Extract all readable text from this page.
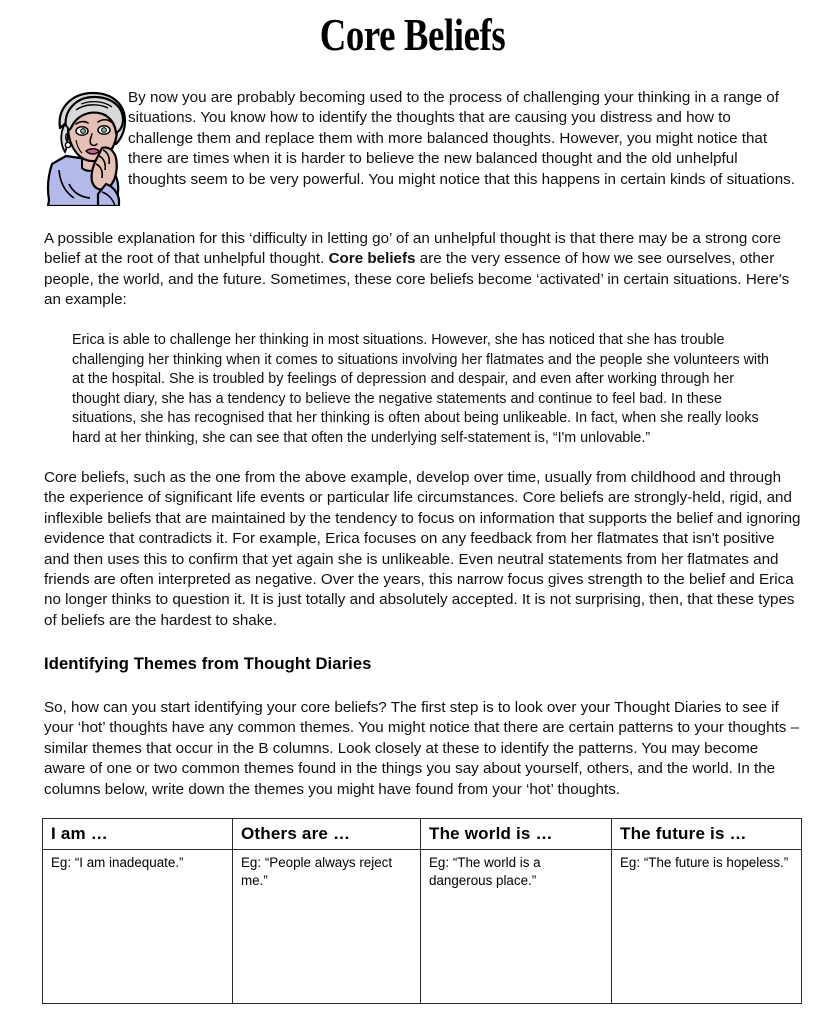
Core Beliefs

By now you are probably becoming used to the process of challenging your thinking in a range of situations. You know how to identify the thoughts that are causing you distress and how to challenge them and replace them with more balanced thoughts. However, you might notice that there are times when it is harder to believe the new balanced thought and the old unhelpful thoughts seem to be very powerful. You might notice that this happens in certain kinds of situations.

A possible explanation for this ‘difficulty in letting go’ of an unhelpful thought is that there may be a strong core belief at the root of that unhelpful thought. Core beliefs are the very essence of how we see ourselves, other people, the world, and the future. Sometimes, these core beliefs become ‘activated’ in certain situations. Here's an example:

Erica is able to challenge her thinking in most situations. However, she has noticed that she has trouble challenging her thinking when it comes to situations involving her flatmates and the people she volunteers with at the hospital. She is troubled by feelings of depression and despair, and even after working through her thought diary, she has a tendency to believe the negative statements and continue to feel bad. In these situations, she has recognised that her thinking is often about being unlikeable. In fact, when she really looks hard at her thinking, she can see that often the underlying self-statement is, “I'm unlovable.”

Core beliefs, such as the one from the above example, develop over time, usually from childhood and through the experience of significant life events or particular life circumstances. Core beliefs are strongly-held, rigid, and inflexible beliefs that are maintained by the tendency to focus on information that supports the belief and ignoring evidence that contradicts it. For example, Erica focuses on any feedback from her flatmates that isn't positive and then uses this to confirm that yet again she is unlikeable. Even neutral statements from her flatmates and friends are often interpreted as negative. Over the years, this narrow focus gives strength to the belief and Erica no longer thinks to question it. It is just totally and absolutely accepted. It is not surprising, then, that these types of beliefs are the hardest to shake.

Identifying Themes from Thought Diaries

So, how can you start identifying your core beliefs? The first step is to look over your Thought Diaries to see if your ‘hot’ thoughts have any common themes. You might notice that there are certain patterns to your thoughts – similar themes that occur in the B columns. Look closely at these to identify the patterns. You may become aware of one or two common themes found in the things you say about yourself, others, and the world. In the columns below, write down the themes you might have found from your ‘hot’ thoughts.

I am …	Others are …	The world is …	The future is …
Eg: “I am inadequate.”	Eg: “People always reject me.”	Eg: “The world is a dangerous place.”	Eg: “The future is hopeless.”
